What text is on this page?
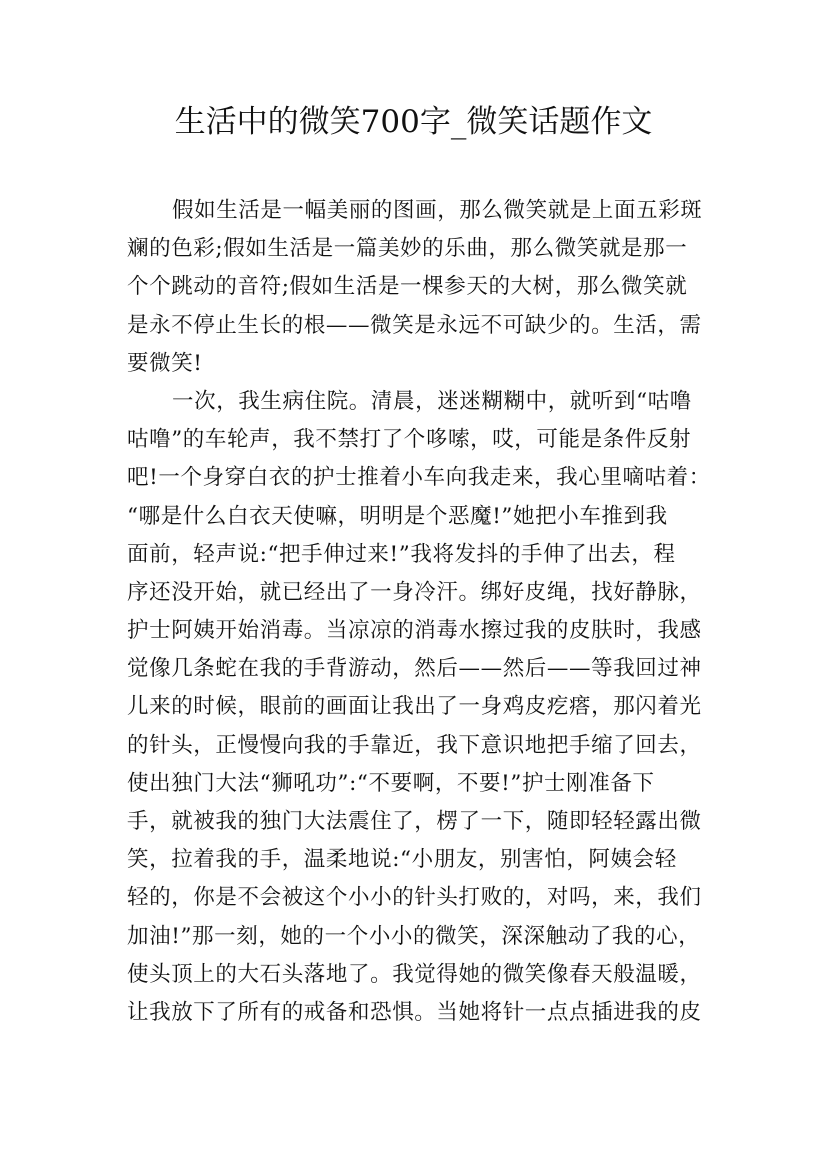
生活中的微笑700字_微笑话题作文
假如生活是一幅美丽的图画，那么微笑就是上面五彩斑
斓的色彩;假如生活是一篇美妙的乐曲，那么微笑就是那一
个个跳动的音符;假如生活是一棵参天的大树，那么微笑就
是永不停止生长的根——微笑是永远不可缺少的。生活，需
要微笑!
一次，我生病住院。清晨，迷迷糊糊中，就听到“咕噜
咕噜”的车轮声，我不禁打了个哆嗦，哎，可能是条件反射
吧!一个身穿白衣的护士推着小车向我走来，我心里嘀咕着：
“哪是什么白衣天使嘛，明明是个恶魔!”她把小车推到我
面前，轻声说:“把手伸过来!”我将发抖的手伸了出去，程
序还没开始，就已经出了一身冷汗。绑好皮绳，找好静脉，
护士阿姨开始消毒。当凉凉的消毒水擦过我的皮肤时，我感
觉像几条蛇在我的手背游动，然后——然后——等我回过神
儿来的时候，眼前的画面让我出了一身鸡皮疙瘩，那闪着光
的针头，正慢慢向我的手靠近，我下意识地把手缩了回去，
使出独门大法“狮吼功”:“不要啊，不要!”护士刚准备下
手，就被我的独门大法震住了，楞了一下，随即轻轻露出微
笑，拉着我的手，温柔地说:“小朋友，别害怕，阿姨会轻
轻的，你是不会被这个小小的针头打败的，对吗，来，我们
加油!”那一刻，她的一个小小的微笑，深深触动了我的心，
使头顶上的大石头落地了。我觉得她的微笑像春天般温暖，
让我放下了所有的戒备和恐惧。当她将针一点点插进我的皮
